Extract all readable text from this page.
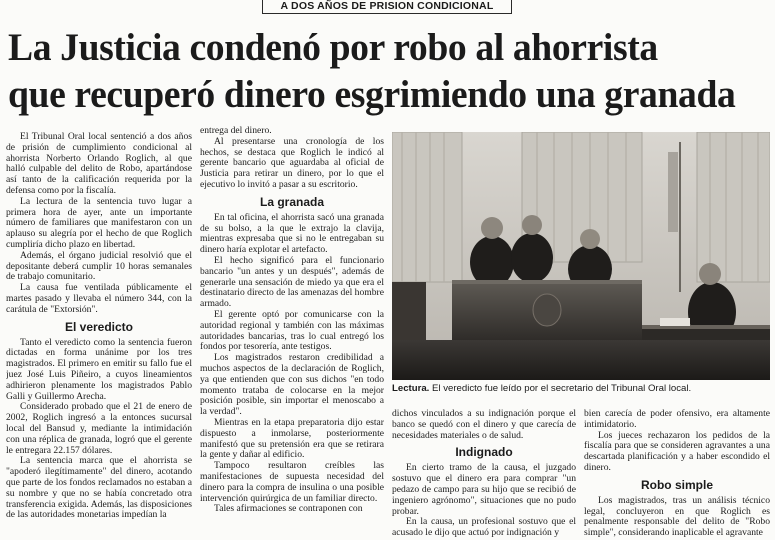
A DOS AÑOS DE PRISION CONDICIONAL
La Justicia condenó por robo al ahorrista
que recuperó dinero esgrimiendo una granada

El Tribunal Oral local sentenció a dos años de prisión de cumplimiento condicional al ahorrista Norberto Orlando Roglich, al que halló culpable del delito de Robo, apartándose así tanto de la calificación requerida por la defensa como por la fiscalía.

La lectura de la sentencia tuvo lugar a primera hora de ayer, ante un importante número de familiares que manifestaron con un aplauso su alegría por el hecho de que Roglich cumpliría dicho plazo en libertad.

Además, el órgano judicial resolvió que el depositante deberá cumplir 10 horas semanales de trabajo comunitario.

La causa fue ventilada públicamente el martes pasado y llevaba el número 344, con la carátula de "Extorsión".

El veredicto

Tanto el veredicto como la sentencia fueron dictadas en forma unánime por los tres magistrados. El primero en emitir su fallo fue el juez José Luis Piñeiro, a cuyos lineamientos adhirieron plenamente los magistrados Pablo Galli y Guillermo Arecha.

Considerado probado que el 21 de enero de 2002, Roglich ingresó a la entonces sucursal local del Bansud y, mediante la intimidación con una réplica de granada, logró que el gerente le entregara 22.157 dólares.

La sentencia marca que el ahorrista se "apoderó ilegítimamente" del dinero, acotando que parte de los fondos reclamados no estaban a su nombre y que no se había concretado otra transferencia exigida. Además, las disposiciones de las autoridades monetarias impedían la

entrega del dinero.

Al presentarse una cronología de los hechos, se destaca que Roglich le indicó al gerente bancario que aguardaba al oficial de Justicia para retirar un dinero, por lo que el ejecutivo lo invitó a pasar a su escritorio.

La granada

En tal oficina, el ahorrista sacó una granada de su bolso, a la que le extrajo la clavija, mientras expresaba que si no le entregaban su dinero haría explotar el artefacto.

El hecho significó para el funcionario bancario "un antes y un después", además de generarle una sensación de miedo ya que era el destinatario directo de las amenazas del hombre armado.

El gerente optó por comunicarse con la autoridad regional y también con las máximas autoridades bancarias, tras lo cual entregó los fondos por tesorería, ante testigos.

Los magistrados restaron credibilidad a muchos aspectos de la declaración de Roglich, ya que entienden que con sus dichos "en todo momento trataba de colocarse en la mejor posición posible, sin importar el menoscabo a la verdad".

Mientras en la etapa preparatoria dijo estar dispuesto a inmolarse, posteriormente manifestó que su pretensión era que se retirara la gente y dañar al edificio.

Tampoco resultaron creíbles las manifestaciones de supuesta necesidad del dinero para la compra de insulina o una posible intervención quirúrgica de un familiar directo.

Tales afirmaciones se contraponen con

Lectura. El veredicto fue leído por el secretario del Tribunal Oral local.

dichos vinculados a su indignación porque el banco se quedó con el dinero y que carecía de necesidades materiales o de salud.

Indignado

En cierto tramo de la causa, el juzgado sostuvo que el dinero era para comprar "un pedazo de campo para su hijo que se recibió de ingeniero agrónomo", situaciones que no pudo probar.

En la causa, un profesional sostuvo que el acusado le dijo que actuó por indignación y

bien carecía de poder ofensivo, era altamente intimidatorio.

Los jueces rechazaron los pedidos de la fiscalía para que se consideren agravantes a una descartada planificación y a haber escondido el dinero.

Robo simple

Los magistrados, tras un análisis técnico legal, concluyeron en que Roglich es penalmente responsable del delito de "Robo simple", considerando inaplicable el agravante
